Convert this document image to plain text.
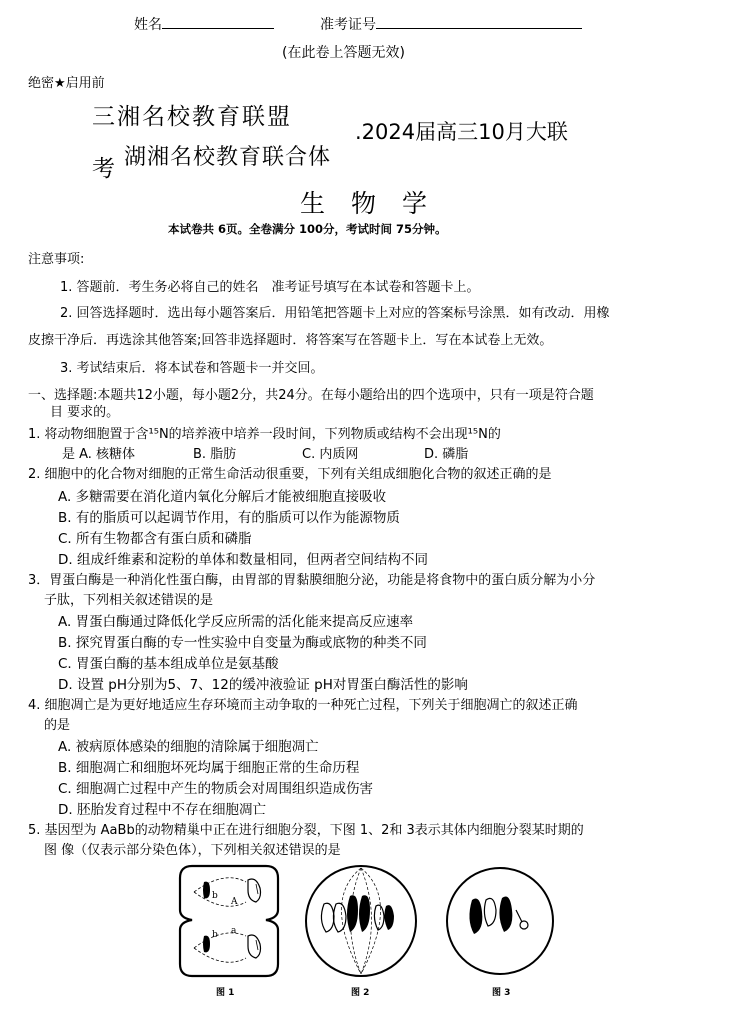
姓名	准考证号
(在此卷上答题无效)
绝密★启用前
三湘名校教育联盟
.2024届高三10月大联
考 湖湘名校教育联合体
生物学
本试卷共 6页。全卷满分 100分，考试时间 75分钟。
注意事项:
1. 答题前．考生务必将自己的姓名　准考证号填写在本试卷和答题卡上。
2. 回答选择题时．选出每小题答案后．用铅笔把答题卡上对应的答案标号涂黑．如有改动．用橡
皮擦干净后．再选涂其他答案;回答非选择题时．将答案写在答题卡上．写在本试卷上无效。
3. 考试结束后．将本试卷和答题卡一并交回。
一、选择题:本题共12小题，每小题2分，共24分。在每小题给出的四个选项中，只有一项是符合题
目 要求的。
1. 将动物细胞置于含¹⁵N的培养液中培养一段时间，下列物质或结构不会出现¹⁵N的
是 A. 核糖体	B. 脂肪	C. 内质网	D. 磷脂
2. 细胞中的化合物对细胞的正常生命活动很重要，下列有关组成细胞化合物的叙述正确的是
A. 多糖需要在消化道内氧化分解后才能被细胞直接吸收
B. 有的脂质可以起调节作用，有的脂质可以作为能源物质
C. 所有生物都含有蛋白质和磷脂
D. 组成纤维素和淀粉的单体和数量相同，但两者空间结构不同
3．胃蛋白酶是一种消化性蛋白酶，由胃部的胃黏膜细胞分泌，功能是将食物中的蛋白质分解为小分
子肽，下列相关叙述错误的是
A. 胃蛋白酶通过降低化学反应所需的活化能来提高反应速率
B. 探究胃蛋白酶的专一性实验中自变量为酶或底物的种类不同
C. 胃蛋白酶的基本组成单位是氨基酸
D. 设置 pH分别为5、7、12的缓冲液验证 pH对胃蛋白酶活性的影响
4. 细胞凋亡是为更好地适应生存环境而主动争取的一种死亡过程，下列关于细胞凋亡的叙述正确
的是
A. 被病原体感染的细胞的清除属于细胞凋亡
B. 细胞凋亡和细胞坏死均属于细胞正常的生命历程
C. 细胞凋亡过程中产生的物质会对周围组织造成伤害
D. 胚胎发育过程中不存在细胞凋亡
5. 基因型为 AaBb的动物精巢中正在进行细胞分裂，下图 1、2和 3表示其体内细胞分裂某时期的
图 像（仅表示部分染色体），下列相关叙述错误的是
b
A
b a
图 1	图 2	图 3
